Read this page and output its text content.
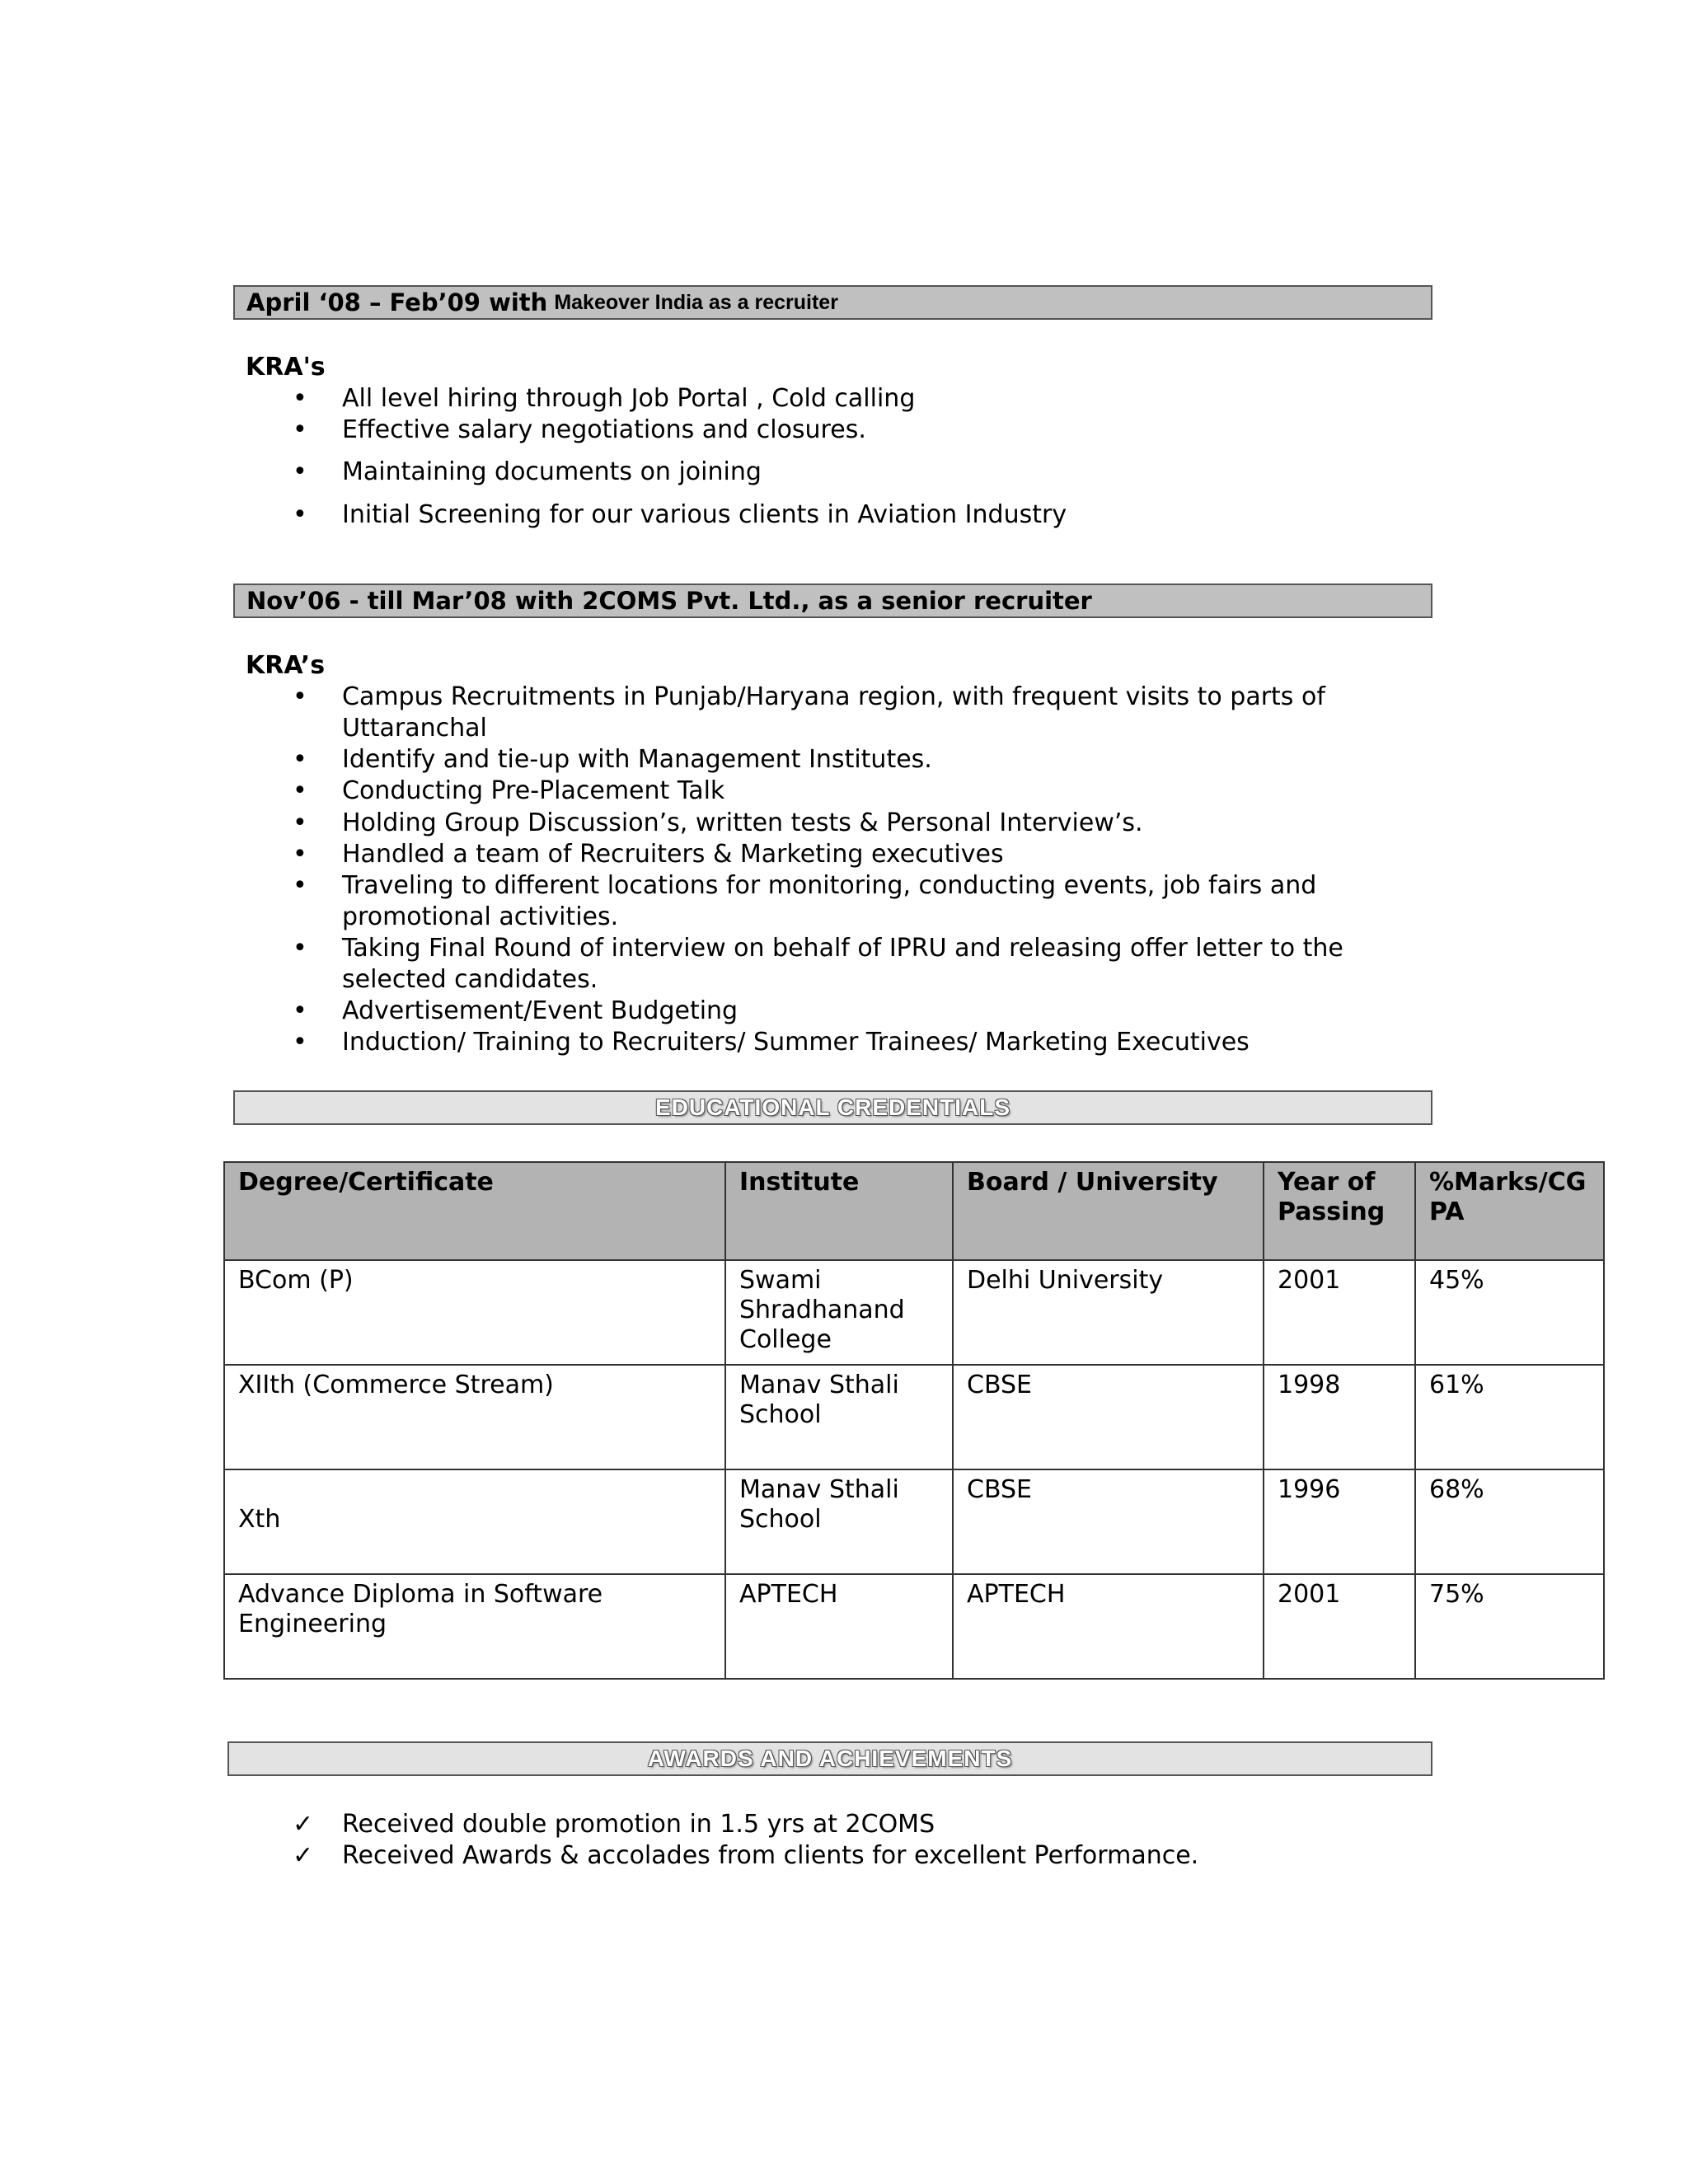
April ‘08 – Feb’09 with Makeover India as a recruiter
KRA's
• All level hiring through Job Portal , Cold calling
• Effective salary negotiations and closures.
• Maintaining documents on joining
• Initial Screening for our various clients in Aviation Industry
Nov’06 - till Mar’08 with 2COMS Pvt. Ltd., as a senior recruiter
KRA’s
• Campus Recruitments in Punjab/Haryana region, with frequent visits to parts of Uttaranchal
• Identify and tie-up with Management Institutes.
• Conducting Pre-Placement Talk
• Holding Group Discussion’s, written tests & Personal Interview’s.
• Handled a team of Recruiters & Marketing executives
• Traveling to different locations for monitoring, conducting events, job fairs and promotional activities.
• Taking Final Round of interview on behalf of IPRU and releasing offer letter to the selected candidates.
• Advertisement/Event Budgeting
• Induction/ Training to Recruiters/ Summer Trainees/ Marketing Executives
EDUCATIONAL CREDENTIALS
Degree/Certificate	Institute	Board / University	Year of Passing	%Marks/CGPA
BCom (P)	Swami Shradhanand College	Delhi University	2001	45%
XIIth (Commerce Stream)	Manav Sthali School	CBSE	1998	61%
Xth	Manav Sthali School	CBSE	1996	68%
Advance Diploma in Software Engineering	APTECH	APTECH	2001	75%
AWARDS AND ACHIEVEMENTS
✓ Received double promotion in 1.5 yrs at 2COMS
✓ Received Awards & accolades from clients for excellent Performance.
